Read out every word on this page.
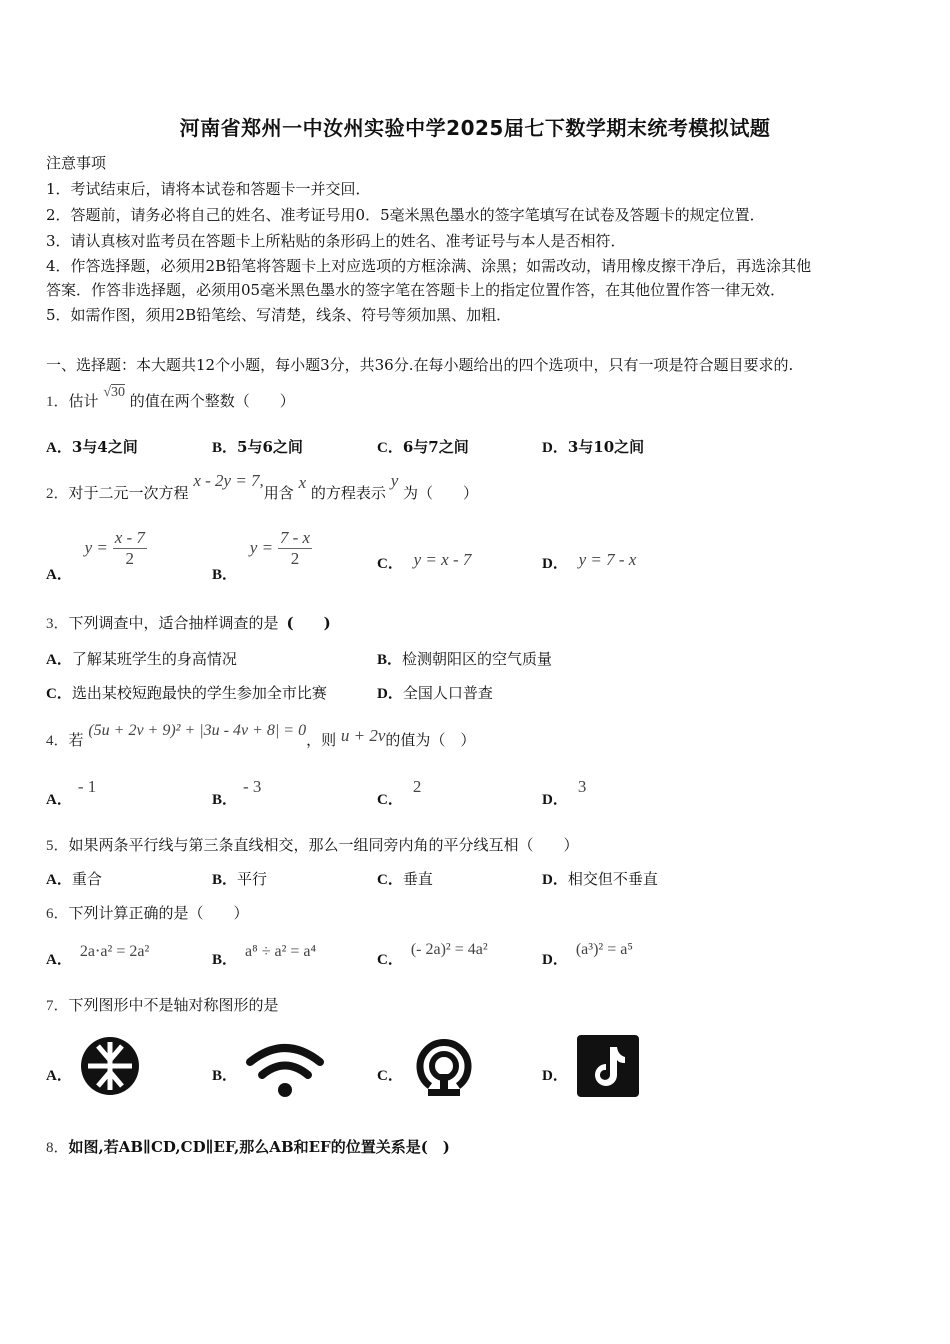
河南省郑州一中汝州实验中学2025届七下数学期末统考模拟试题
注意事项
1．考试结束后，请将本试卷和答题卡一并交回．
2．答题前，请务必将自己的姓名、准考证号用0．5毫米黑色墨水的签字笔填写在试卷及答题卡的规定位置．
3．请认真核对监考员在答题卡上所粘贴的条形码上的姓名、准考证号与本人是否相符．
4．作答选择题，必须用2B铅笔将答题卡上对应选项的方框涂满、涂黑；如需改动，请用橡皮擦干净后，再选涂其他
答案．作答非选择题，必须用05毫米黑色墨水的签字笔在答题卡上的指定位置作答，在其他位置作答一律无效．
5．如需作图，须用2B铅笔绘、写清楚，线条、符号等须加黑、加粗．
一、选择题：本大题共12个小题，每小题3分，共36分.在每小题给出的四个选项中，只有一项是符合题目要求的.
1．估计 √30 的值在两个整数（　　）
A．3与4之间	B．5与6之间	C．6与7之间	D．3与10之间
2．对于二元一次方程 x - 2y = 7,用含 x 的方程表示 y 为（　　）
A． $y = \frac{x - 7}{2}$
B． $y = \frac{7 - x}{2}$	C． y = x - 7	D． y = 7 - x
3．下列调查中，适合抽样调查的是 (　　)
A．了解某班学生的身高情况	B．检测朝阳区的空气质量
C．选出某校短跑最快的学生参加全市比赛	D．全国人口普查
4．若 (5u + 2v + 9)² + |3u - 4v + 8| = 0，则 u + 2v的值为（　）
A．- 1
B．- 3
C．2
D．3
5．如果两条平行线与第三条直线相交，那么一组同旁内角的平分线互相（　　）
A．重合	B．平行	C．垂直	D．相交但不垂直
6．下列计算正确的是（　　）
A． 2a⋅a² = 2a²	B． a⁸ ÷ a² = a⁴	C．(- 2a)² = 4a²
D．(a³)² = a⁵
7．下列图形中不是轴对称图形的是
A．	B．	C．	D．
8．如图,若AB∥CD,CD∥EF,那么AB和EF的位置关系是(　)
